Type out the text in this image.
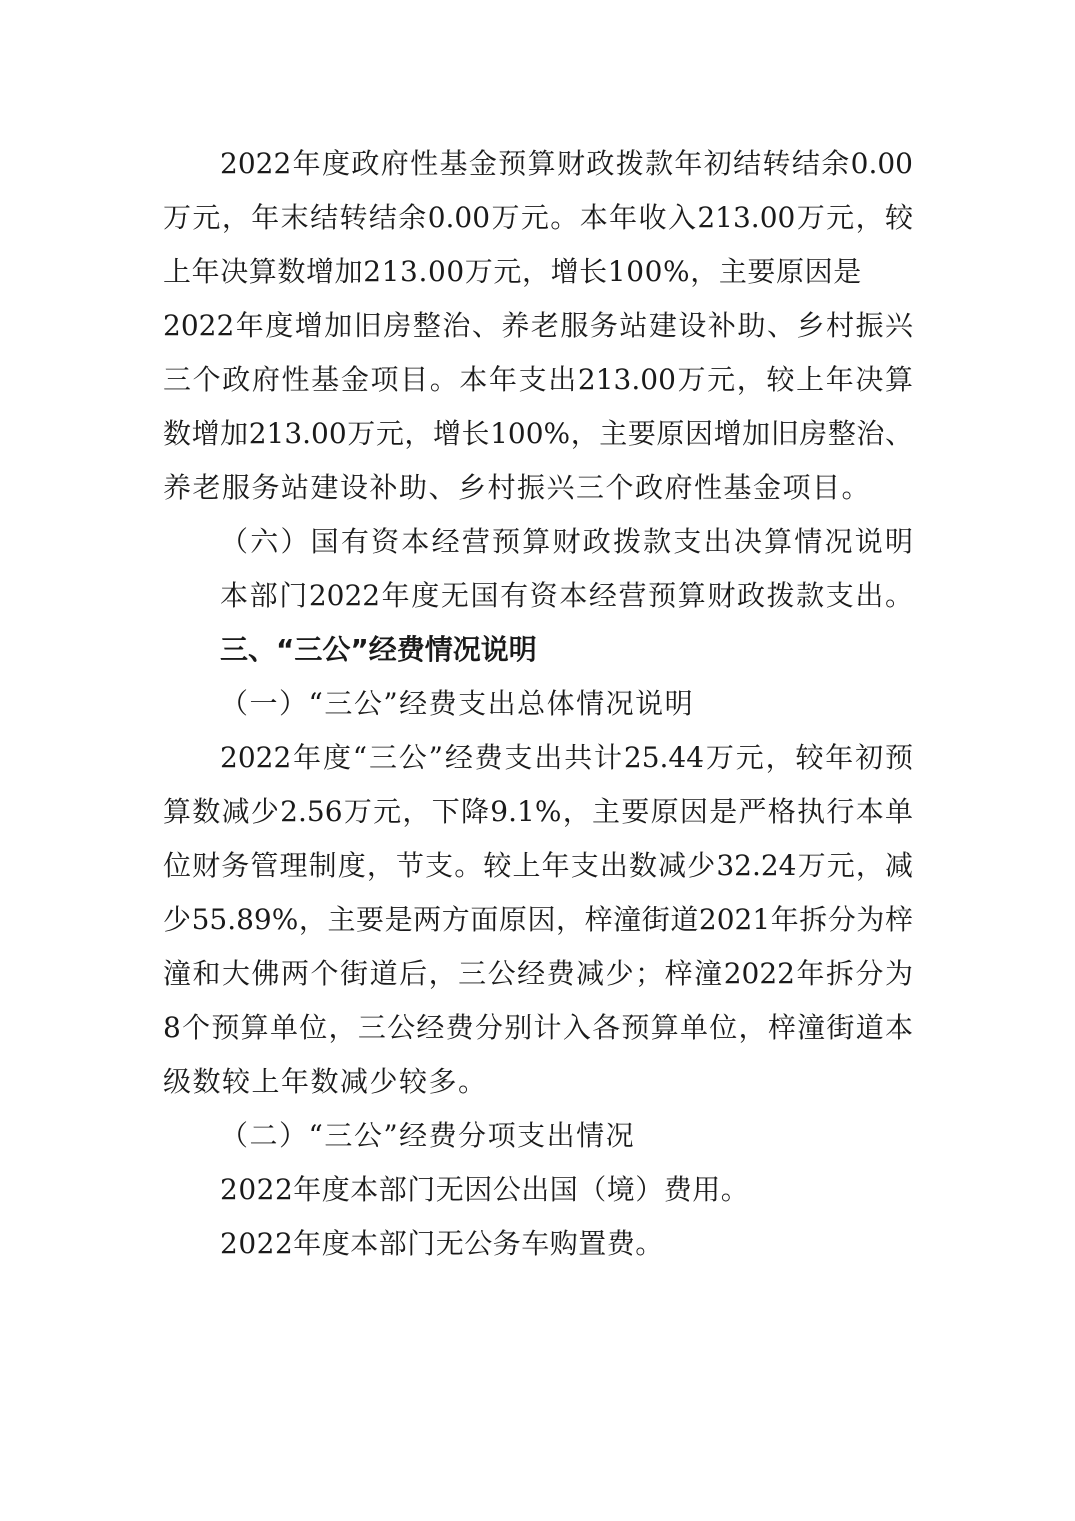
2022年度政府性基金预算财政拨款年初结转结余0.00
万元，年末结转结余0.00万元。本年收入213.00万元，较
上年决算数增加213.00万元，增长100%，主要原因是
2022年度增加旧房整治、养老服务站建设补助、乡村振兴
三个政府性基金项目。本年支出213.00万元，较上年决算
数增加213.00万元，增长100%，主要原因增加旧房整治、
养老服务站建设补助、乡村振兴三个政府性基金项目。
（六）国有资本经营预算财政拨款支出决算情况说明
本部门2022年度无国有资本经营预算财政拨款支出。
三、“三公”经费情况说明
（一）“三公”经费支出总体情况说明
2022年度“三公”经费支出共计25.44万元，较年初预
算数减少2.56万元，下降9.1%，主要原因是严格执行本单
位财务管理制度，节支。较上年支出数减少32.24万元，减
少55.89%，主要是两方面原因，梓潼街道2021年拆分为梓
潼和大佛两个街道后，三公经费减少；梓潼2022年拆分为
8个预算单位，三公经费分别计入各预算单位，梓潼街道本
级数较上年数减少较多。
（二）“三公”经费分项支出情况
2022年度本部门无因公出国（境）费用。
2022年度本部门无公务车购置费。
